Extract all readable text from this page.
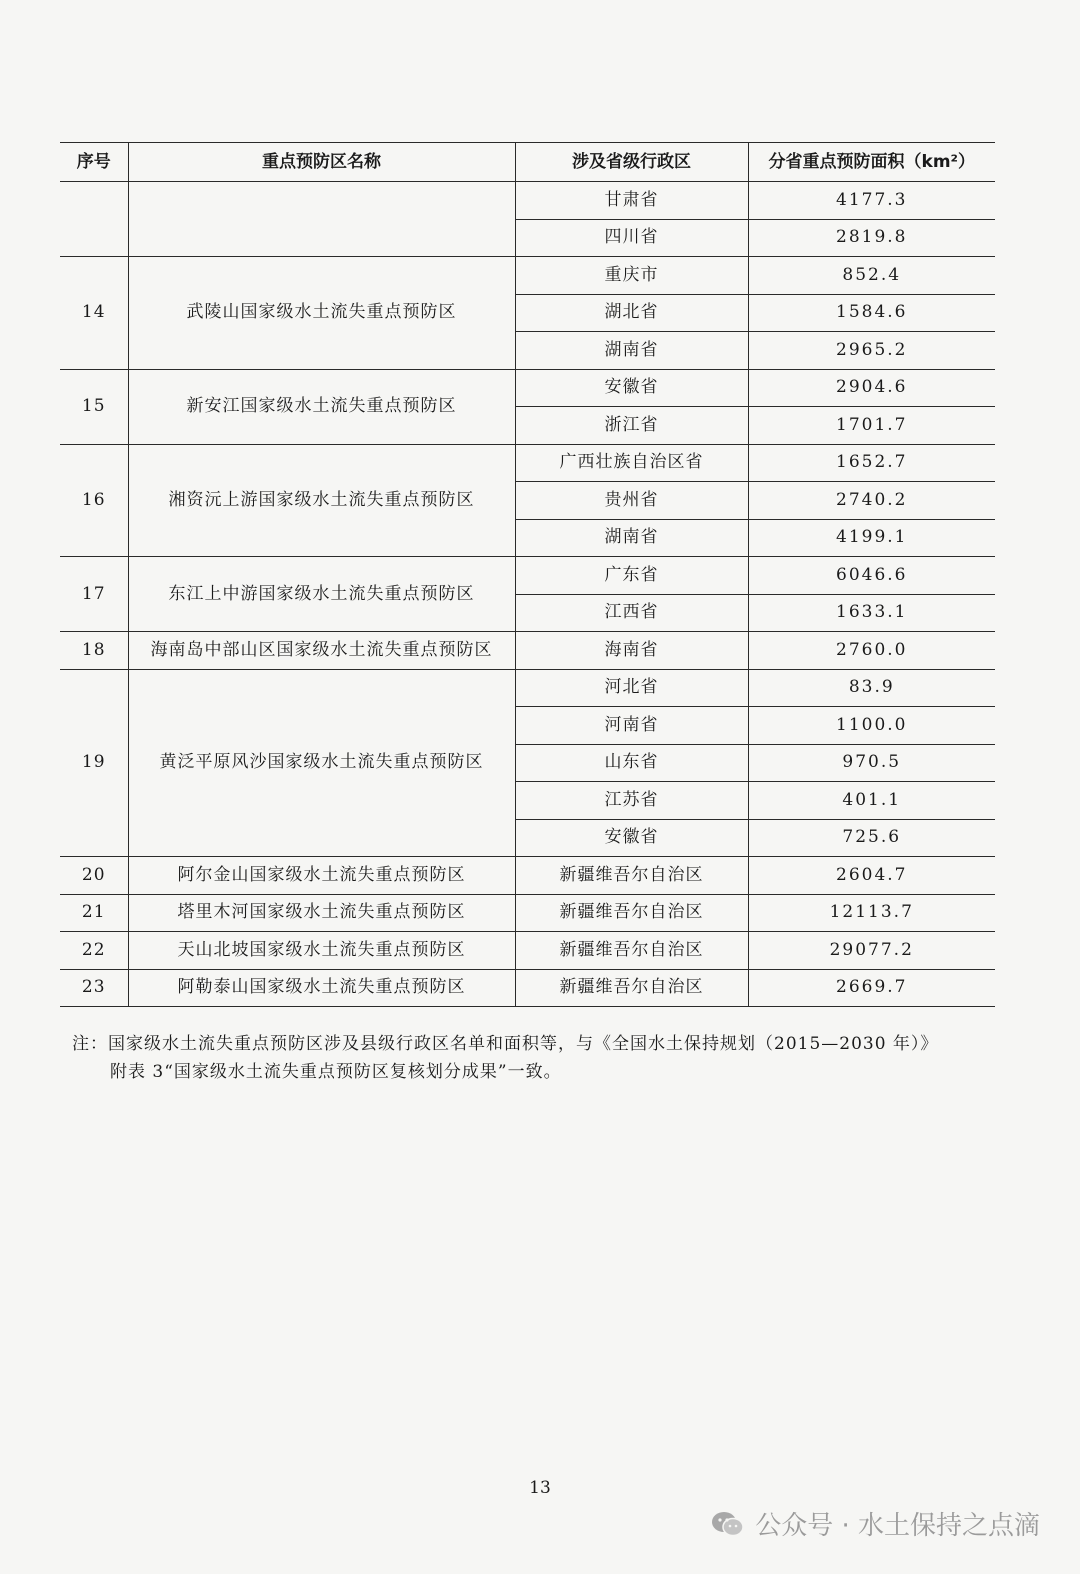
序号	重点预防区名称	涉及省级行政区	分省重点预防面积（km²）
		甘肃省	4177.3
		四川省	2819.8
14	武陵山国家级水土流失重点预防区	重庆市	852.4
		湖北省	1584.6
		湖南省	2965.2
15	新安江国家级水土流失重点预防区	安徽省	2904.6
		浙江省	1701.7
16	湘资沅上游国家级水土流失重点预防区	广西壮族自治区省	1652.7
		贵州省	2740.2
		湖南省	4199.1
17	东江上中游国家级水土流失重点预防区	广东省	6046.6
		江西省	1633.1
18	海南岛中部山区国家级水土流失重点预防区	海南省	2760.0
19	黄泛平原风沙国家级水土流失重点预防区	河北省	83.9
		河南省	1100.0
		山东省	970.5
		江苏省	401.1
		安徽省	725.6
20	阿尔金山国家级水土流失重点预防区	新疆维吾尔自治区	2604.7
21	塔里木河国家级水土流失重点预防区	新疆维吾尔自治区	12113.7
22	天山北坡国家级水土流失重点预防区	新疆维吾尔自治区	29077.2
23	阿勒泰山国家级水土流失重点预防区	新疆维吾尔自治区	2669.7
注：国家级水土流失重点预防区涉及县级行政区名单和面积等，与《全国水土保持规划（2015—2030 年）》
附表 3“国家级水土流失重点预防区复核划分成果”一致。
13
公众号 · 水土保持之点滴
